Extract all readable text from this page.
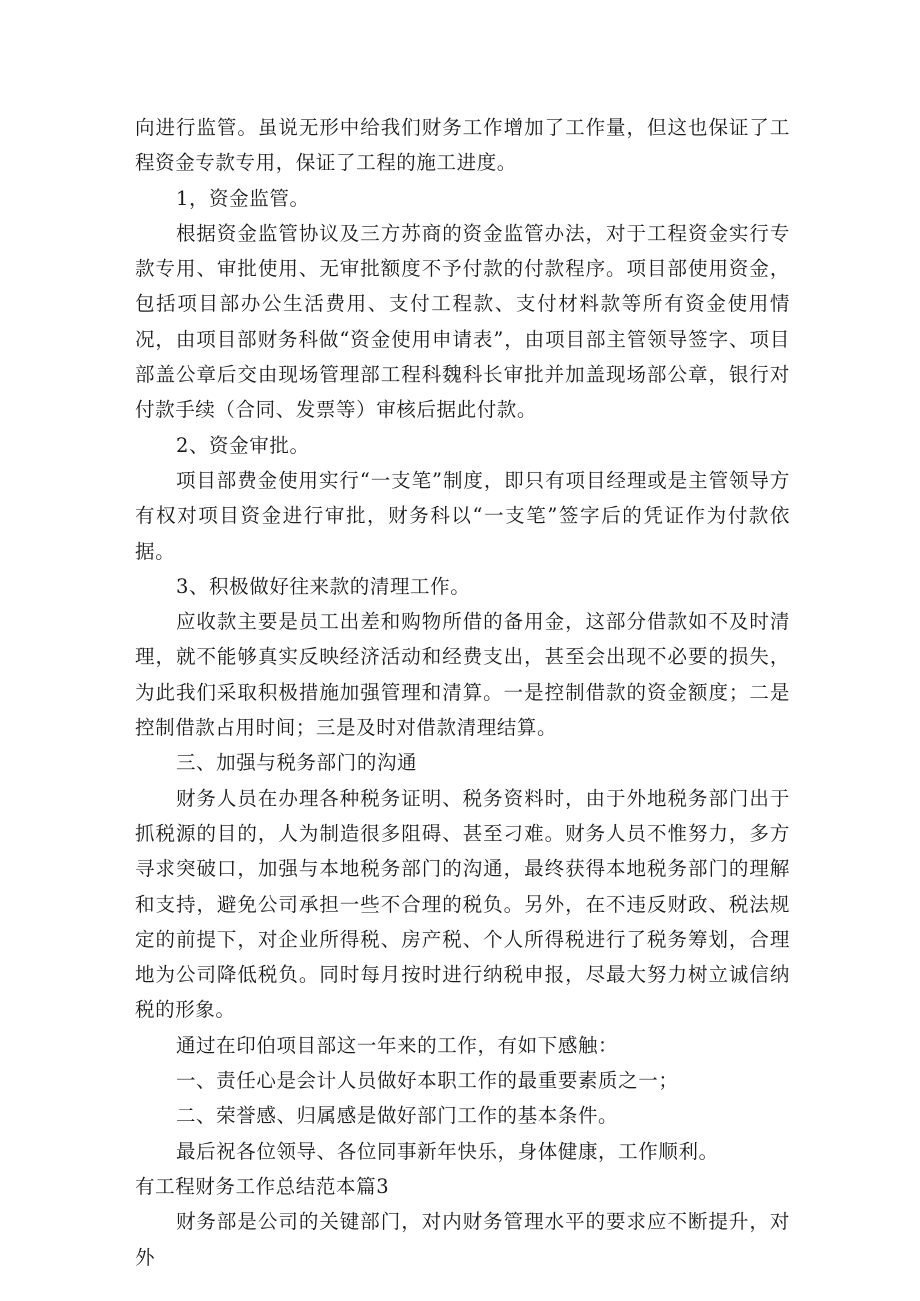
向进行监管。虽说无形中给我们财务工作增加了工作量，但这也保证了工程资金专款专用，保证了工程的施工进度。

1，资金监管。

根据资金监管协议及三方苏商的资金监管办法，对于工程资金实行专款专用、审批使用、无审批额度不予付款的付款程序。项目部使用资金，包括项目部办公生活费用、支付工程款、支付材料款等所有资金使用情况，由项目部财务科做“资金使用申请表”，由项目部主管领导签字、项目部盖公章后交由现场管理部工程科魏科长审批并加盖现场部公章，银行对付款手续（合同、发票等）审核后据此付款。

2、资金审批。

项目部费金使用实行“一支笔”制度，即只有项目经理或是主管领导方有权对项目资金进行审批，财务科以“一支笔”签字后的凭证作为付款依据。

3、积极做好往来款的清理工作。

应收款主要是员工出差和购物所借的备用金，这部分借款如不及时清理，就不能够真实反映经济活动和经费支出，甚至会出现不必要的损失，为此我们采取积极措施加强管理和清算。一是控制借款的资金额度；二是控制借款占用时间；三是及时对借款清理结算。

三、加强与税务部门的沟通

财务人员在办理各种税务证明、税务资料时，由于外地税务部门出于抓税源的目的，人为制造很多阻碍、甚至刁难。财务人员不惟努力，多方寻求突破口，加强与本地税务部门的沟通，最终获得本地税务部门的理解和支持，避免公司承担一些不合理的税负。另外，在不违反财政、税法规定的前提下，对企业所得税、房产税、个人所得税进行了税务筹划，合理地为公司降低税负。同时每月按时进行纳税申报，尽最大努力树立诚信纳税的形象。

通过在印伯项目部这一年来的工作，有如下感触：

一、责任心是会计人员做好本职工作的最重要素质之一；

二、荣誉感、归属感是做好部门工作的基本条件。

最后祝各位领导、各位同事新年快乐，身体健康，工作顺利。

有工程财务工作总结范本篇3

财务部是公司的关键部门，对内财务管理水平的要求应不断提升，对外
